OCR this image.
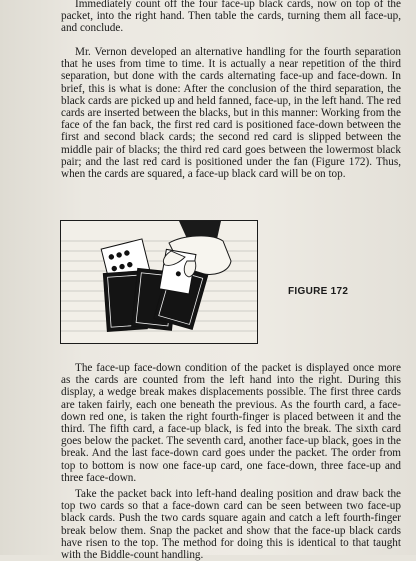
Immediately count off the four face-up black cards, now on top of the packet, into the right hand. Then table the cards, turning them all face-up, and conclude.

Mr. Vernon developed an alternative handling for the fourth separation that he uses from time to time. It is actually a near repetition of the third separation, but done with the cards alternating face-up and face-down. In brief, this is what is done: After the conclusion of the third separation, the black cards are picked up and held fanned, face-up, in the left hand. The red cards are inserted between the blacks, but in this manner: Working from the face of the fan back, the first red card is positioned face-down between the first and second black cards; the second red card is slipped between the middle pair of blacks; the third red card goes between the lowermost black pair; and the last red card is positioned under the fan (Figure 172). Thus, when the cards are squared, a face-up black card will be on top.

FIGURE 172

The face-up face-down condition of the packet is displayed once more as the cards are counted from the left hand into the right. During this display, a wedge break makes displacements possible. The first three cards are taken fairly, each one beneath the previous. As the fourth card, a face-down red one, is taken the right fourth-finger is placed between it and the third. The fifth card, a face-up black, is fed into the break. The sixth card goes below the packet. The seventh card, another face-up black, goes in the break. And the last face-down card goes under the packet. The order from top to bottom is now one face-up card, one face-down, three face-up and three face-down.

Take the packet back into left-hand dealing position and draw back the top two cards so that a face-down card can be seen between two face-up black cards. Push the two cards square again and catch a left fourth-finger break below them. Snap the packet and show that the face-up black cards have risen to the top. The method for doing this is identical to that taught with the Biddle-count handling.
